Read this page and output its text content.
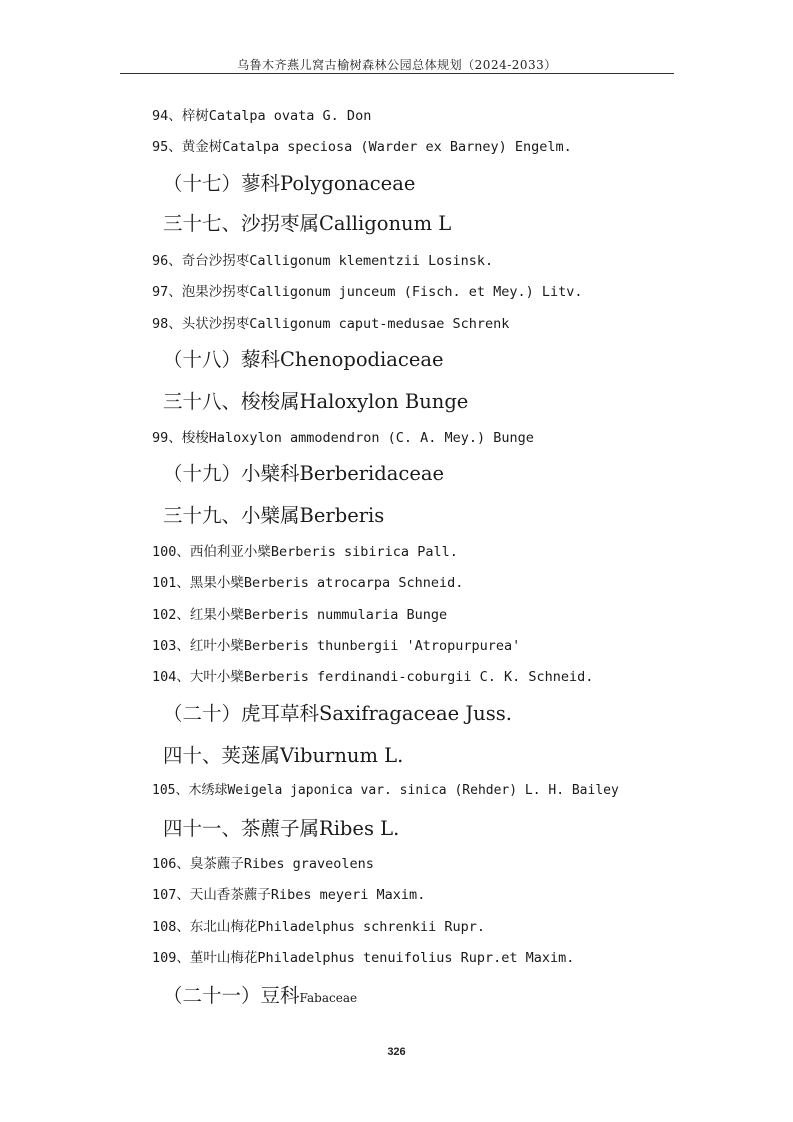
乌鲁木齐燕儿窝古榆树森林公园总体规划（2024-2033）
94、梓树Catalpa ovata G. Don
95、黄金树Catalpa speciosa (Warder ex Barney) Engelm.
（十七）蓼科Polygonaceae
三十七、沙拐枣属Calligonum L
96、奇台沙拐枣Calligonum klementzii Losinsk.
97、泡果沙拐枣Calligonum junceum (Fisch. et Mey.) Litv.
98、头状沙拐枣Calligonum caput-medusae Schrenk
（十八）藜科Chenopodiaceae
三十八、梭梭属Haloxylon Bunge
99、梭梭Haloxylon ammodendron (C. A. Mey.) Bunge
（十九）小檗科Berberidaceae
三十九、小檗属Berberis
100、西伯利亚小檗Berberis sibirica Pall.
101、黑果小檗Berberis atrocarpa Schneid.
102、红果小檗Berberis nummularia Bunge
103、红叶小檗Berberis thunbergii 'Atropurpurea'
104、大叶小檗Berberis ferdinandi-coburgii C. K. Schneid.
（二十）虎耳草科Saxifragaceae Juss.
四十、荚蒾属Viburnum L.
105、木绣球Weigela japonica var. sinica (Rehder) L. H. Bailey
四十一、茶藨子属Ribes L.
106、臭茶藨子Ribes graveolens
107、天山香茶藨子Ribes meyeri Maxim.
108、东北山梅花Philadelphus schrenkii Rupr.
109、堇叶山梅花Philadelphus tenuifolius Rupr.et Maxim.
（二十一）豆科Fabaceae
326
